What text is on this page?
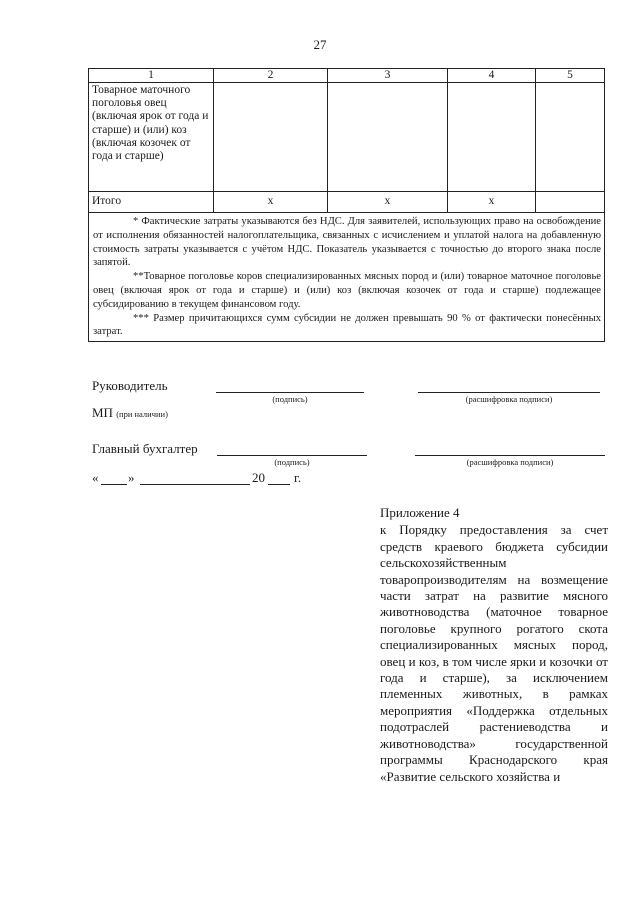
27
1	2	3	4	5
Товарное маточного поголовья овец (включая ярок от года и старше) и (или) коз (включая козочек от года и старше)				
Итого	x	x	x	

* Фактические затраты указываются без НДС. Для заявителей, использующих право на освобождение от исполнения обязанностей налогоплательщика, связанных с исчислением и уплатой налога на добавленную стоимость затраты указывается с учётом НДС. Показатель указывается с точностью до второго знака после запятой.

**Товарное поголовье коров специализированных мясных пород и (или) товарное маточное поголовье овец (включая ярок от года и старше) и (или) коз (включая козочек от года и старше) подлежащее субсидированию в текущем финансовом году.

*** Размер причитающихся сумм субсидии не должен превышать 90 % от фактически понесённых затрат.				

Руководитель
(подпись)	(расшифровка подписи)
МП (при наличии)
Главный бухгалтер
(подпись)	(расшифровка подписи)
« »	20 г.

Приложение 4

к Порядку предоставления за счет средств краевого бюджета субсидии сельскохозяйственным товаропроизводителям на возмещение части затрат на развитие мясного животноводства (маточное товарное поголовье крупного рогатого скота специализированных мясных пород, овец и коз, в том числе ярки и козочки от года и старше), за исключением племенных животных, в рамках мероприятия «Поддержка отдельных подотраслей растениеводства и животноводства» государственной программы Краснодарского края «Развитие сельского хозяйства и
